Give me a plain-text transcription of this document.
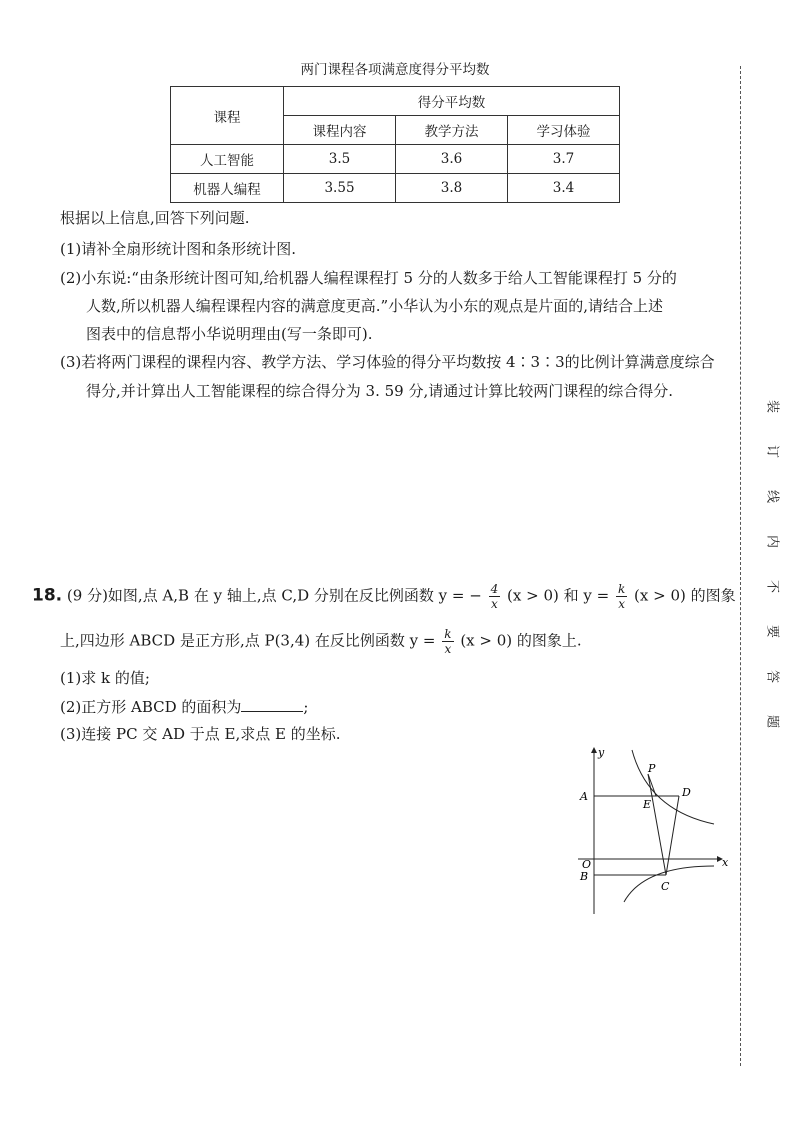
两门课程各项满意度得分平均数
课程	得分平均数		
	课程内容	教学方法	学习体验
人工智能	3.5	3.6	3.7
机器人编程	3.55	3.8	3.4
根据以上信息,回答下列问题.
(1)请补全扇形统计图和条形统计图.
(2)小东说:“由条形统计图可知,给机器人编程课程打 5 分的人数多于给人工智能课程打 5 分的
人数,所以机器人编程课程内容的满意度更高.”小华认为小东的观点是片面的,请结合上述
图表中的信息帮小华说明理由(写一条即可).
(3)若将两门课程的课程内容、教学方法、学习体验的得分平均数按 4∶3∶3的比例计算满意度综合
得分,并计算出人工智能课程的综合得分为 3. 59 分,请通过计算比较两门课程的综合得分.
18. (9 分)如图,点 A,B 在 y 轴上,点 C,D 分别在反比例函数 y = − $\frac{4}{x} (x > 0)$ 和 $y = \frac{k}{x} (x > 0)$ 的图象
上,四边形 ABCD 是正方形,点 P(3,4) 在反比例函数 $y = \frac{k}{x} (x > 0)$ 的图象上.
(1)求 k 的值;
(2)正方形 ABCD 的面积为	;
(3)连接 PC 交 AD 于点 E,求点 E 的坐标.
y
x
O
A
B
C
D
P
E
装
订
线
内
不
要
答
题
